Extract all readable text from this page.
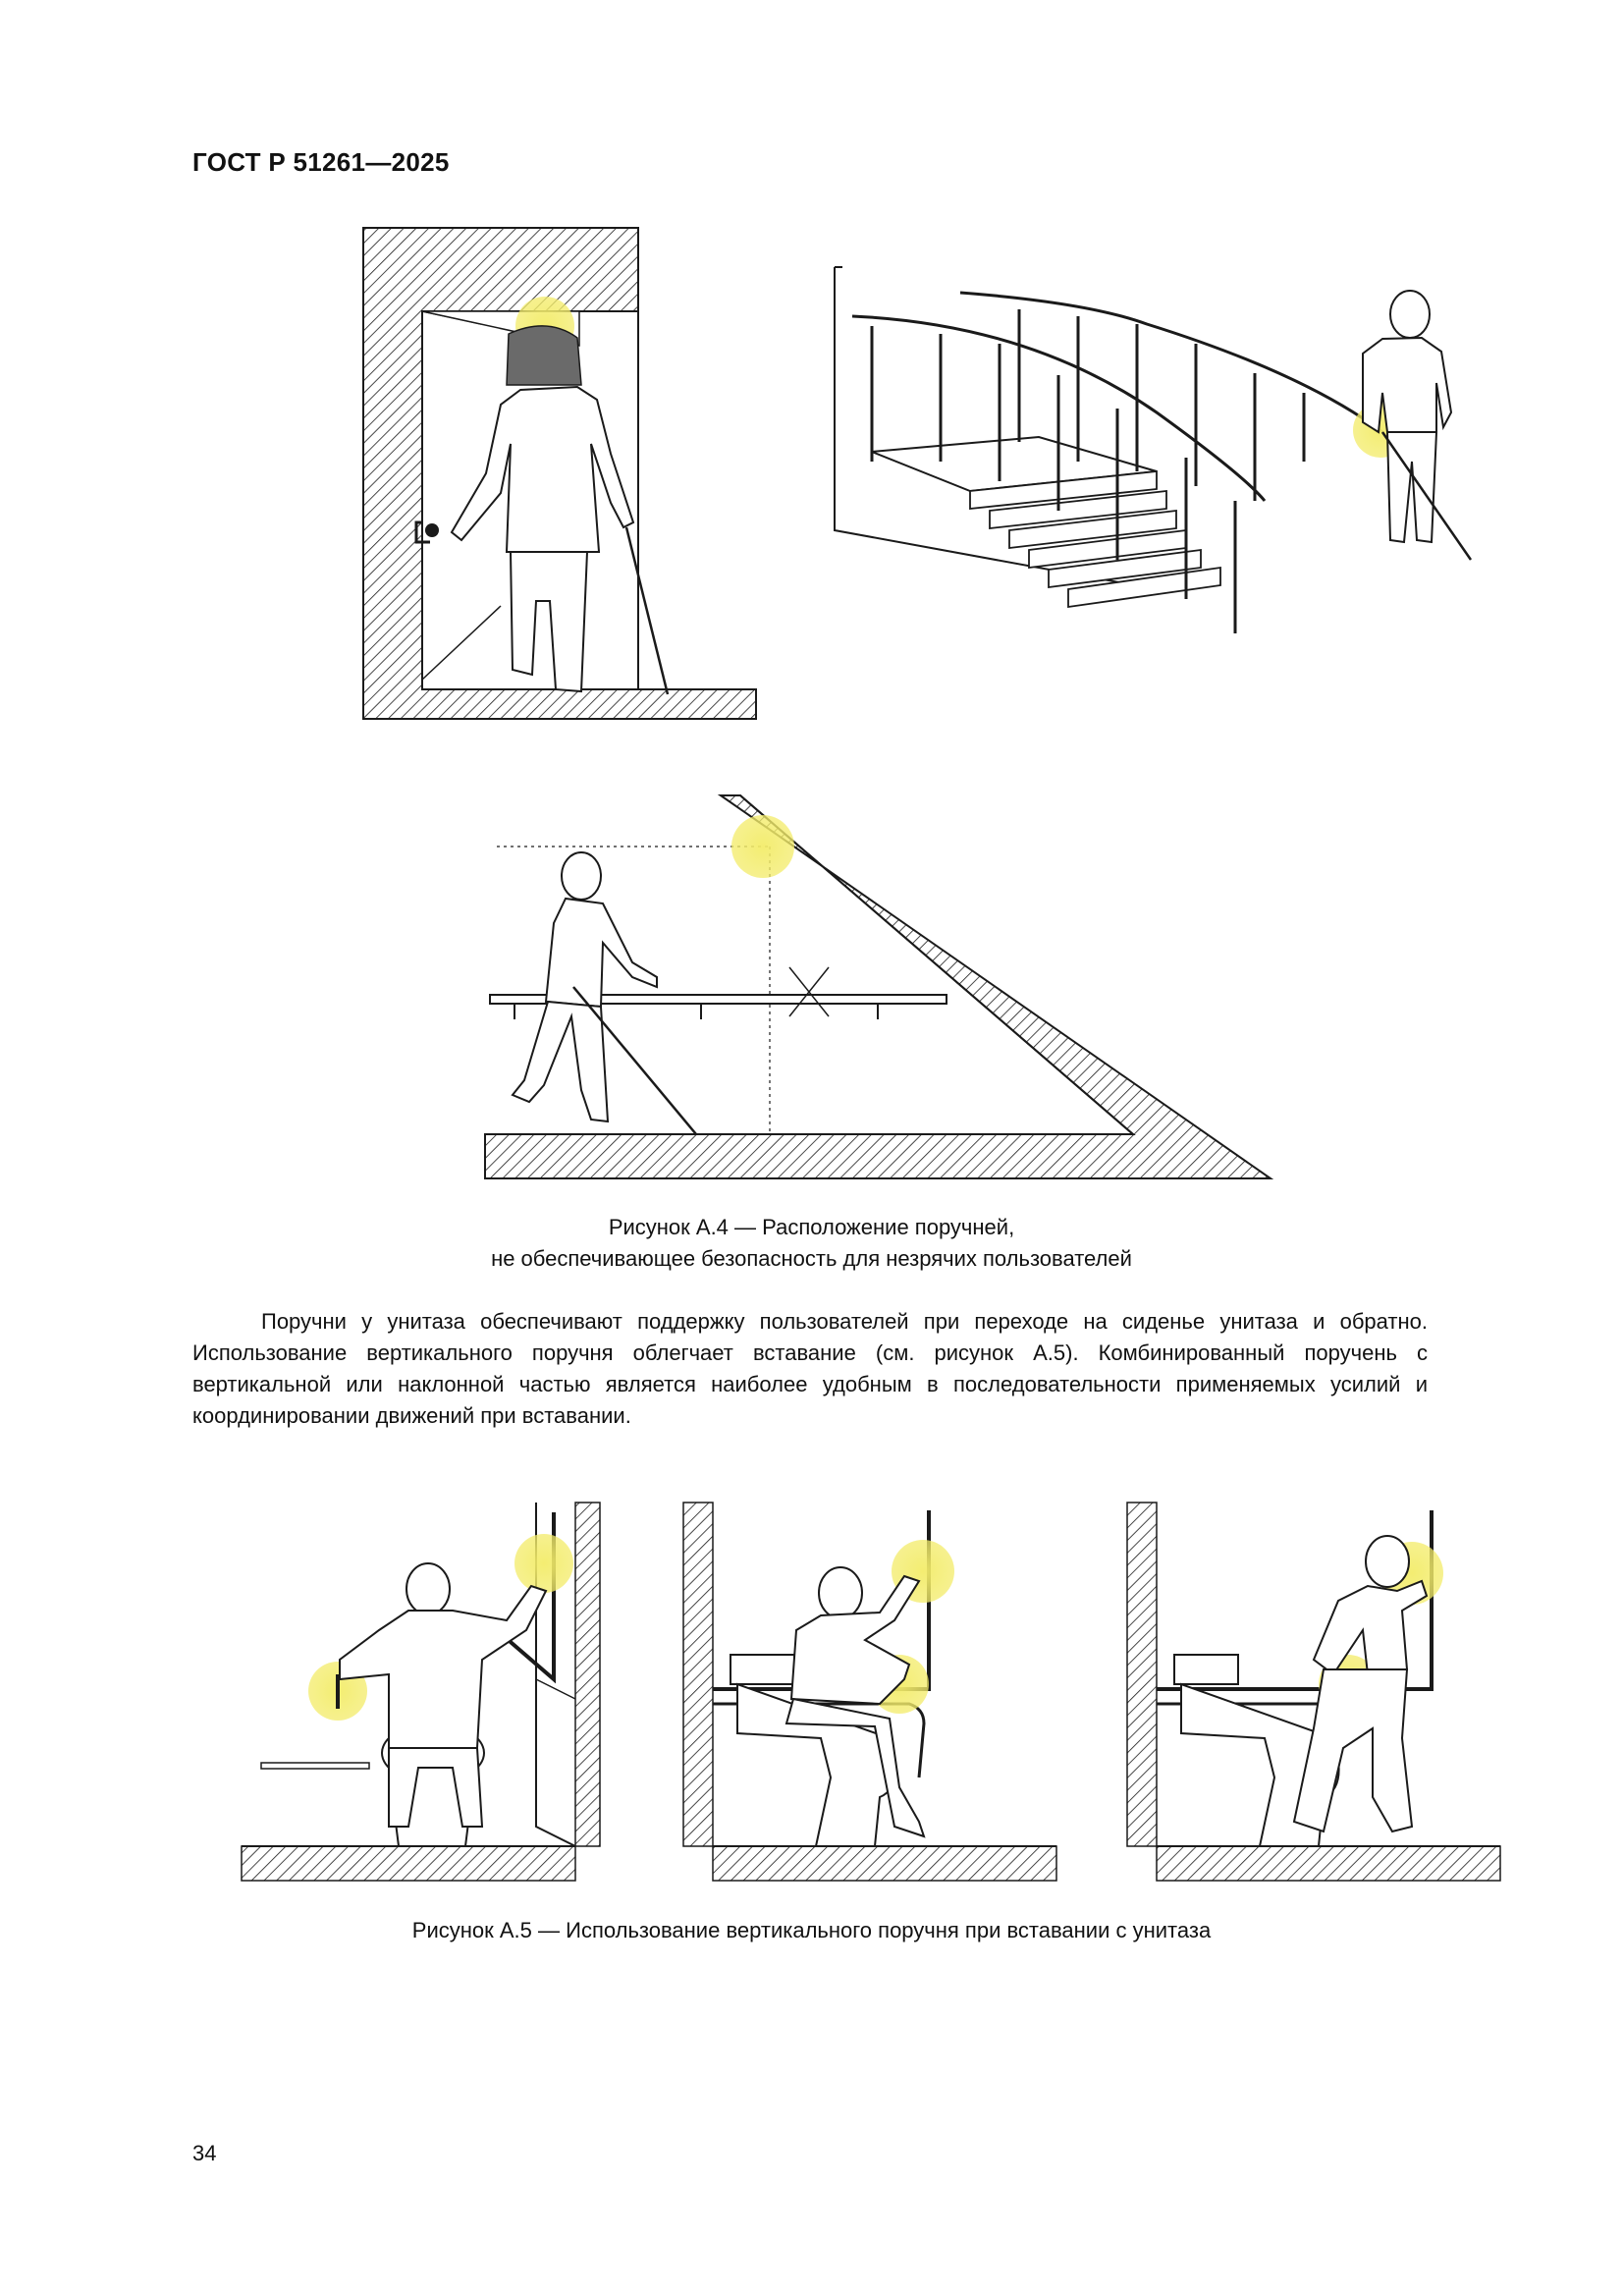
ГОСТ Р 51261—2025
Рисунок А.4 — Расположение поручней,
не обеспечивающее безопасность для незрячих пользователей

Поручни у унитаза обеспечивают поддержку пользователей при переходе на сиденье унитаза и обратно. Использование вертикального поручня облегчает вставание (см. рисунок А.5). Комбинированный поручень с вертикальной или наклонной частью является наиболее удобным в последовательности применяемых усилий и координировании движений при вставании.

Рисунок А.5 — Использование вертикального поручня при вставании с унитаза
34
